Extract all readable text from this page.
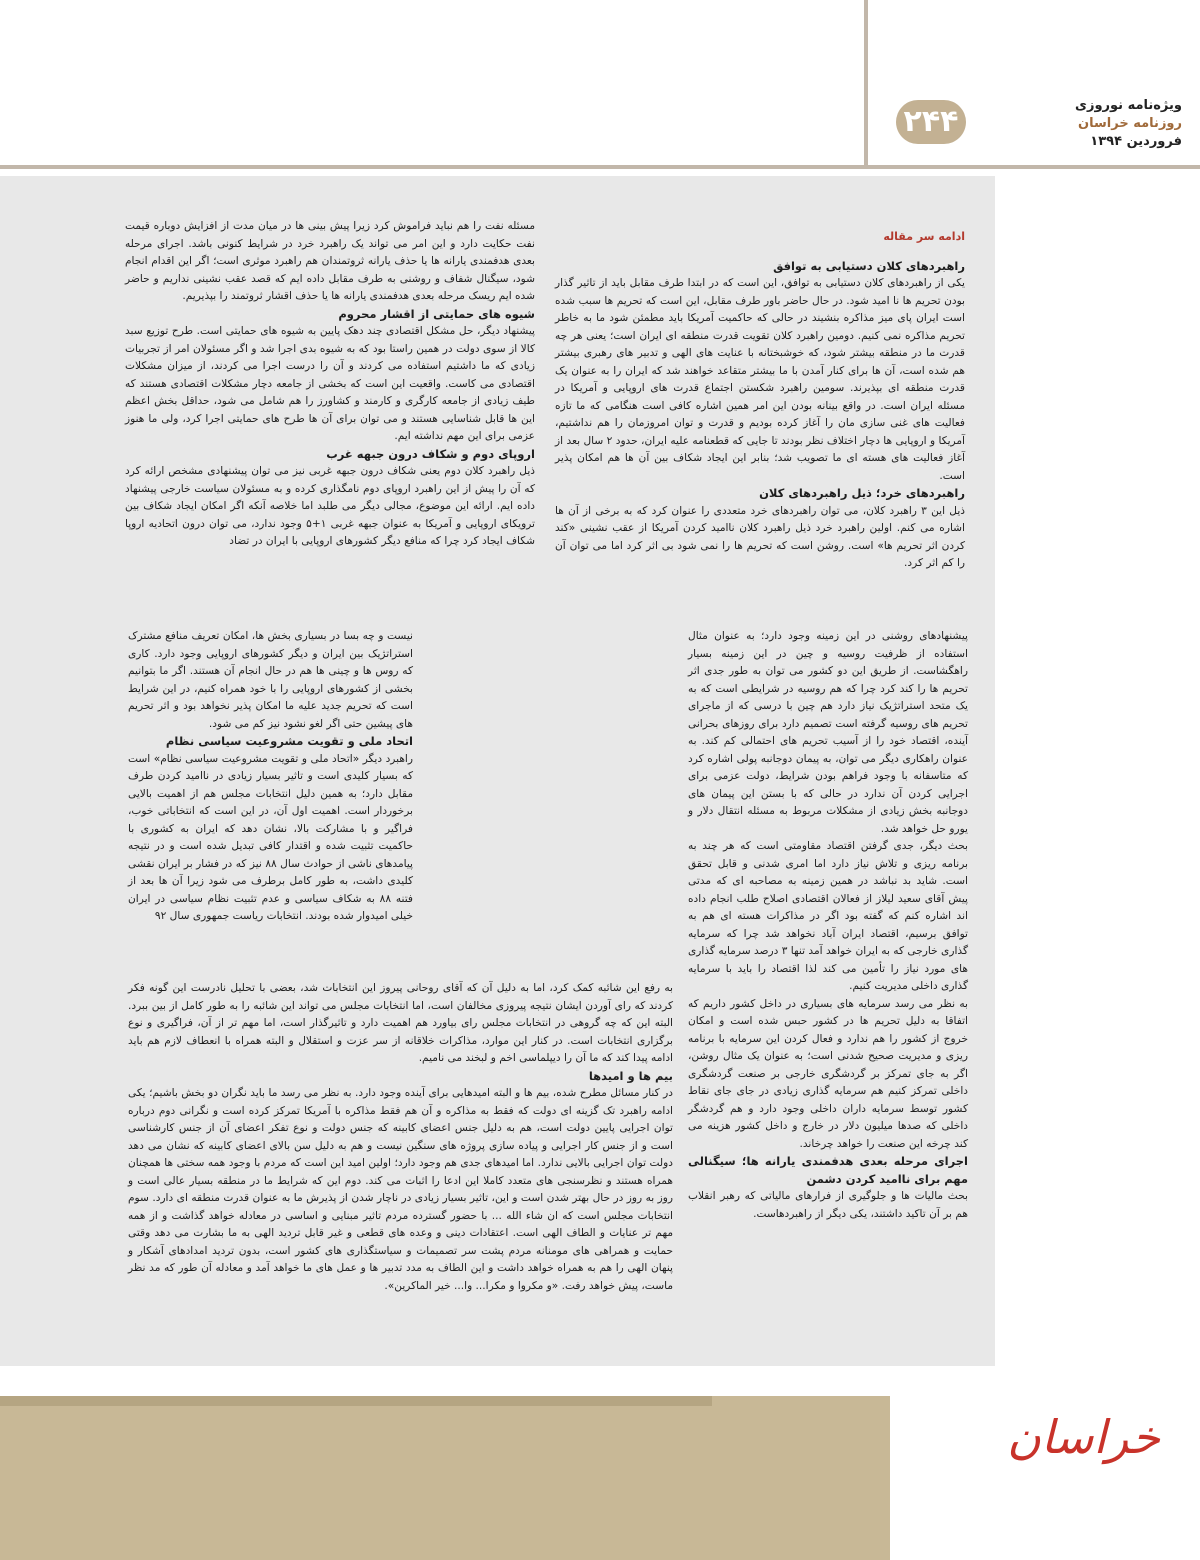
۲۴۴	ویژه‌نامه نوروزی
روزنامه خراسان
فروردین ۱۳۹۴

ادامه سر مقاله

راهبردهای کلان دستیابی به توافق

یکی از راهبردهای کلان دستیابی به توافق، این است که در ابتدا طرف مقابل باید از تاثیر گذار بودن تحریم ها نا امید شود. در حال حاضر باور طرف مقابل، این است که تحریم ها سبب شده است ایران پای میز مذاکره بنشیند در حالی که حاکمیت آمریکا باید مطمئن شود ما به خاطر تحریم مذاکره نمی کنیم. دومین راهبرد کلان تقویت قدرت منطقه ای ایران است؛ یعنی هر چه قدرت ما در منطقه بیشتر شود، که خوشبختانه با عنایت های الهی و تدبیر های رهبری بیشتر هم شده است، آن ها برای کنار آمدن با ما بیشتر متقاعد خواهند شد که ایران را به عنوان یک قدرت منطقه ای بپذیرند. سومین راهبرد شکستن اجتماع قدرت های اروپایی و آمریکا در مسئله ایران است. در واقع بینانه بودن این امر همین اشاره کافی است هنگامی که ما تازه فعالیت های غنی سازی مان را آغاز کرده بودیم و قدرت و توان امروزمان را هم نداشتیم، آمریکا و اروپایی ها دچار اختلاف نظر بودند تا جایی که قطعنامه علیه ایران، حدود ۲ سال بعد از آغاز فعالیت های هسته ای ما تصویب شد؛ بنابر این ایجاد شکاف بین آن ها هم امکان پذیر است.

راهبردهای خرد؛ ذیل راهبردهای کلان

ذیل این ۳ راهبرد کلان، می توان راهبردهای خرد متعددی را عنوان کرد که به برخی از آن ها اشاره می کنم. اولین راهبرد خرد ذیل راهبرد کلان ناامید کردن آمریکا از عقب نشینی «کند کردن اثر تحریم ها» است. روشن است که تحریم ها را نمی شود بی اثر کرد اما می توان آن را کم اثر کرد.

مسئله نفت را هم نباید فراموش کرد زیرا پیش بینی ها در میان مدت از افزایش دوباره قیمت نفت حکایت دارد و این امر می تواند یک راهبرد خرد در شرایط کنونی باشد. اجرای مرحله بعدی هدفمندی یارانه ها یا حذف یارانه ثروتمندان هم راهبرد موثری است؛ اگر این اقدام انجام شود، سیگنال شفاف و روشنی به طرف مقابل داده ایم که قصد عقب نشینی نداریم و حاضر شده ایم ریسک مرحله بعدی هدفمندی یارانه ها یا حذف اقشار ثروتمند را بپذیریم.

شیوه های حمایتی از اقشار محروم

پیشنهاد دیگر، حل مشکل اقتصادی چند دهک پایین به شیوه های حمایتی است. طرح توزیع سبد کالا از سوی دولت در همین راستا بود که به شیوه بدی اجرا شد و اگر مسئولان امر از تجربیات زیادی که ما داشتیم استفاده می کردند و آن را درست اجرا می کردند، از میزان مشکلات اقتصادی می کاست. واقعیت این است که بخشی از جامعه دچار مشکلات اقتصادی هستند که طیف زیادی از جامعه کارگری و کارمند و کشاورز را هم شامل می شود، حداقل بخش اعظم این ها قابل شناسایی هستند و می توان برای آن ها طرح های حمایتی اجرا کرد، ولی ما هنوز عزمی برای این مهم نداشته ایم.

اروپای دوم و شکاف درون جبهه غرب

ذیل راهبرد کلان دوم یعنی شکاف درون جبهه غربی نیز می توان پیشنهادی مشخص ارائه کرد که آن را پیش از این راهبرد اروپای دوم نامگذاری کرده و به مسئولان سیاست خارجی پیشنهاد داده ایم. ارائه این موضوع، مجالی دیگر می طلبد اما خلاصه آنکه اگر امکان ایجاد شکاف بین ترویکای اروپایی و آمریکا به عنوان جبهه غربی ۱+۵ وجود ندارد، می توان درون اتحادیه اروپا شکاف ایجاد کرد چرا که منافع دیگر کشورهای اروپایی با ایران در تضاد

نیست و چه بسا در بسیاری بخش ها، امکان تعریف منافع مشترک استراتژیک بین ایران و دیگر کشورهای اروپایی وجود دارد. کاری که روس ها و چینی ها هم در حال انجام آن هستند. اگر ما بتوانیم بخشی از کشورهای اروپایی را با خود همراه کنیم، در این شرایط است که تحریم جدید علیه ما امکان پذیر نخواهد بود و اثر تحریم های پیشین حتی اگر لغو نشود نیز کم می شود.

اتحاد ملی و تقویت مشروعیت سیاسی نظام

راهبرد دیگر «اتحاد ملی و تقویت مشروعیت سیاسی نظام» است که بسیار کلیدی است و تاثیر بسیار زیادی در ناامید کردن طرف مقابل دارد؛ به همین دلیل انتخابات مجلس هم از اهمیت بالایی برخوردار است. اهمیت اول آن، در این است که انتخاباتی خوب، فراگیر و با مشارکت بالا، نشان دهد که ایران به کشوری با حاکمیت تثبیت شده و اقتدار کافی تبدیل شده است و در نتیجه پیامدهای ناشی از حوادث سال ۸۸ نیز که در فشار بر ایران نقشی کلیدی داشت، به طور کامل برطرف می شود زیرا آن ها بعد از فتنه ۸۸ به شکاف سیاسی و عدم تثبیت نظام سیاسی در ایران خیلی امیدوار شده بودند. انتخابات ریاست جمهوری سال ۹۲

پیشنهادهای روشنی در این زمینه وجود دارد؛ به عنوان مثال استفاده از ظرفیت روسیه و چین در این زمینه بسیار راهگشاست. از طریق این دو کشور می توان به طور جدی اثر تحریم ها را کند کرد چرا که هم روسیه در شرایطی است که به یک متحد استراتژیک نیاز دارد هم چین با درسی که از ماجرای تحریم های روسیه گرفته است تصمیم دارد برای روزهای بحرانی آینده، اقتصاد خود را از آسیب تحریم های احتمالی کم کند. به عنوان راهکاری دیگر می توان، به پیمان دوجانبه پولی اشاره کرد که متاسفانه با وجود فراهم بودن شرایط، دولت عزمی برای اجرایی کردن آن ندارد در حالی که با بستن این پیمان های دوجانبه بخش زیادی از مشکلات مربوط به مسئله انتقال دلار و یورو حل خواهد شد.

بحث دیگر، جدی گرفتن اقتصاد مقاومتی است که هر چند به برنامه ریزی و تلاش نیاز دارد اما امری شدنی و قابل تحقق است. شاید بد نباشد در همین زمینه به مصاحبه ای که مدتی پیش آقای سعید لیلاز از فعالان اقتصادی اصلاح طلب انجام داده اند اشاره کنم که گفته بود اگر در مذاکرات هسته ای هم به توافق برسیم، اقتصاد ایران آباد نخواهد شد چرا که سرمایه گذاری خارجی که به ایران خواهد آمد تنها ۳ درصد سرمایه گذاری های مورد نیاز را تأمین می کند لذا اقتصاد را باید با سرمایه گذاری داخلی مدیریت کنیم.

به نظر می رسد سرمایه های بسیاری در داخل کشور داریم که اتفاقا به دلیل تحریم ها در کشور حبس شده است و امکان خروج از کشور را هم ندارد و فعال کردن این سرمایه با برنامه ریزی و مدیریت صحیح شدنی است؛ به عنوان یک مثال روشن، اگر به جای تمرکز بر گردشگری خارجی بر صنعت گردشگری داخلی تمرکز کنیم هم سرمایه گذاری زیادی در جای جای نقاط کشور توسط سرمایه داران داخلی وجود دارد و هم گردشگر داخلی که صدها میلیون دلار در خارج و داخل کشور هزینه می کند چرخه این صنعت را خواهد چرخاند.

اجرای مرحله بعدی هدفمندی یارانه ها؛ سیگنالی مهم برای ناامید کردن دشمن

بحث مالیات ها و جلوگیری از فرارهای مالیاتی که رهبر انقلاب هم بر آن تاکید داشتند، یکی دیگر از راهبردهاست.

به رفع این شائبه کمک کرد، اما به دلیل آن که آقای روحانی پیروز این انتخابات شد، بعضی با تحلیل نادرست این گونه فکر کردند که رای آوردن ایشان نتیجه پیروزی مخالفان است، اما انتخابات مجلس می تواند این شائبه را به طور کامل از بین ببرد. البته این که چه گروهی در انتخابات مجلس رای بیاورد هم اهمیت دارد و تاثیرگذار است، اما مهم تر از آن، فراگیری و نوع برگزاری انتخابات است. در کنار این موارد، مذاکرات خلاقانه از سر عزت و استقلال و البته همراه با انعطاف لازم هم باید ادامه پیدا کند که ما آن را دیپلماسی اخم و لبخند می نامیم.

بیم ها و امیدها

در کنار مسائل مطرح شده، بیم ها و البته امیدهایی برای آینده وجود دارد. به نظر می رسد ما باید نگران دو بخش باشیم؛ یکی ادامه راهبرد تک گزینه ای دولت که فقط به مذاکره و آن هم فقط مذاکره با آمریکا تمرکز کرده است و نگرانی دوم درباره توان اجرایی پایین دولت است، هم به دلیل جنس اعضای کابینه که جنس دولت و نوع تفکر اعضای آن از جنس کارشناسی است و از جنس کار اجرایی و پیاده سازی پروژه های سنگین نیست و هم به دلیل سن بالای اعضای کابینه که نشان می دهد دولت توان اجرایی بالایی ندارد. اما امیدهای جدی هم وجود دارد؛ اولین امید این است که مردم با وجود همه سختی ها همچنان همراه هستند و نظرسنجی های متعدد کاملا این ادعا را اثبات می کند. دوم این که شرایط ما در منطقه بسیار عالی است و روز به روز در حال بهتر شدن است و این، تاثیر بسیار زیادی در ناچار شدن از پذیرش ما به عنوان قدرت منطقه ای دارد. سوم انتخابات مجلس است که ان شاء الله ... با حضور گسترده مردم تاثیر مبنایی و اساسی در معادله خواهد گذاشت و از همه مهم تر عنایات و الطاف الهی است. اعتقادات دینی و وعده های قطعی و غیر قابل تردید الهی به ما بشارت می دهد وقتی حمایت و همراهی های مومنانه مردم پشت سر تصمیمات و سیاستگذاری های کشور است، بدون تردید امدادهای آشکار و پنهان الهی را هم به همراه خواهد داشت و این الطاف به مدد تدبیر ها و عمل های ما خواهد آمد و معادله آن طور که مد نظر ماست، پیش خواهد رفت. «و مکروا و مکرا... وا... خیر الماکرین».

خراسان
